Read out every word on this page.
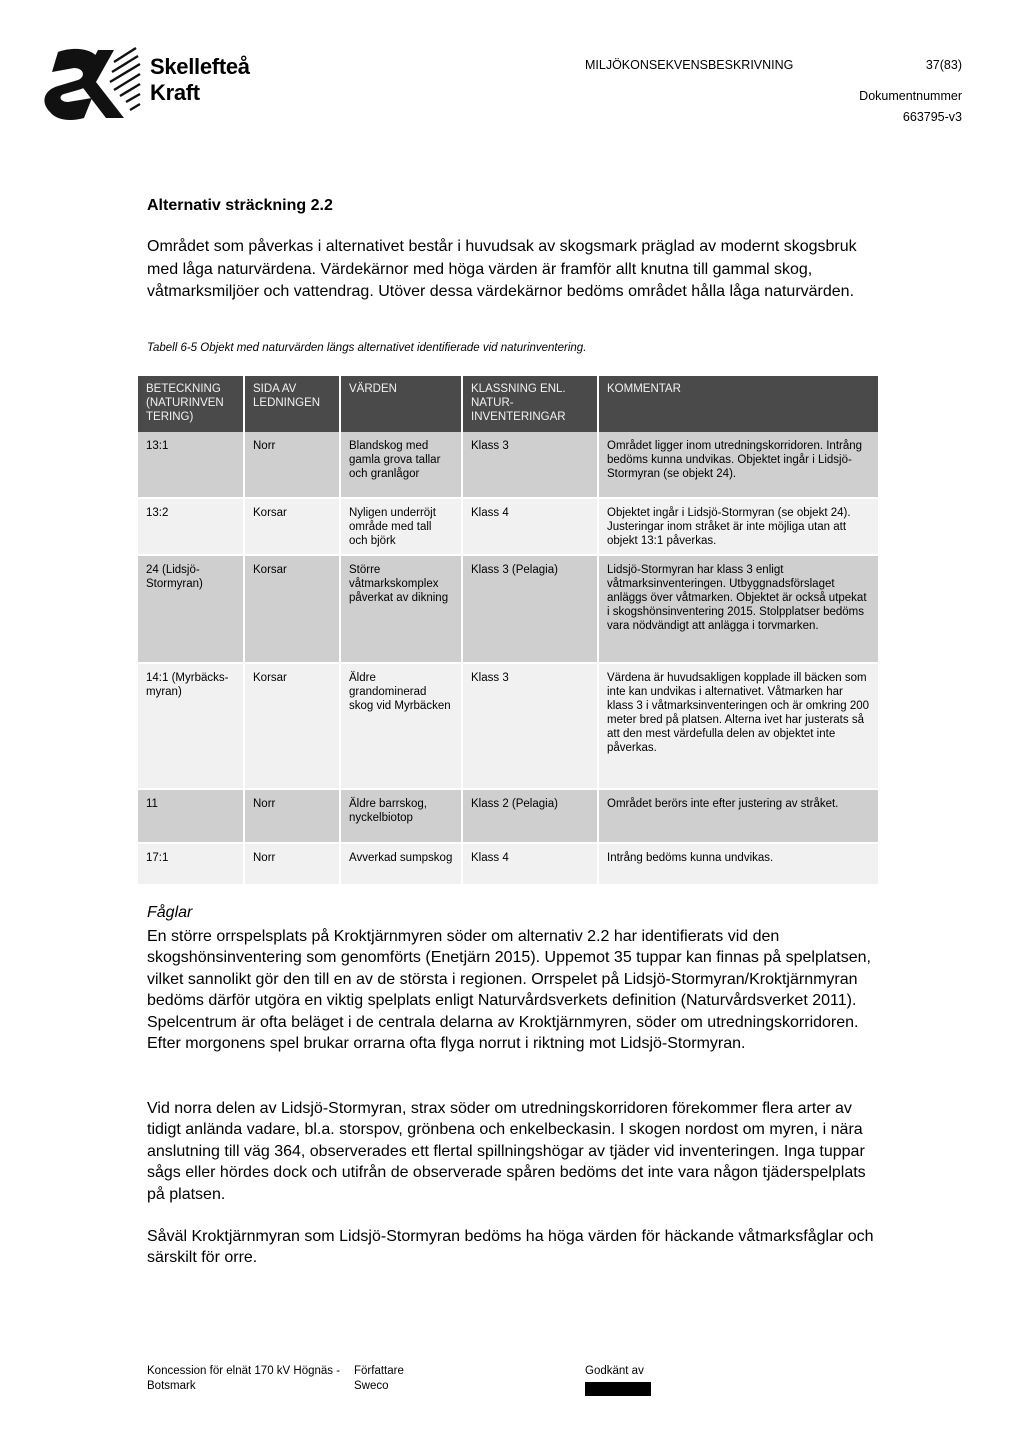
Skellefteå
Kraft
MILJÖKONSEKVENSBESKRIVNING	37(83)
Dokumentnummer
663795-v3
Alternativ sträckning 2.2

Området som påverkas i alternativet består i huvudsak av skogsmark präglad av modernt skogsbruk med låga naturvärdena. Värdekärnor med höga värden är framför allt knutna till gammal skog, våtmarksmiljöer och vattendrag. Utöver dessa värdekärnor bedöms området hålla låga naturvärden.

Tabell 6-5 Objekt med naturvärden längs alternativet identifierade vid naturinventering.
BETECKNING (NATURINVEN TERING)	SIDA AV LEDNINGEN	VÄRDEN	KLASSNING ENL. NATUR-INVENTERINGAR	KOMMENTAR
13:1	Norr	Blandskog med gamla grova tallar och granlågor	Klass 3	Området ligger inom utredningskorridoren. Intrång bedöms kunna undvikas. Objektet ingår i Lidsjö-Stormyran (se objekt 24).
13:2	Korsar	Nyligen underröjt område med tall och björk	Klass 4	Objektet ingår i Lidsjö-Stormyran (se objekt 24). Justeringar inom stråket är inte möjliga utan att objekt 13:1 påverkas.
24 (Lidsjö-Stormyran)	Korsar	Större våtmarkskomplex påverkat av dikning	Klass 3 (Pelagia)	Lidsjö-Stormyran har klass 3 enligt våtmarksinventeringen. Utbyggnadsförslaget anläggs över våtmarken. Objektet är också utpekat i skogshönsinventering 2015. Stolpplatser bedöms vara nödvändigt att anlägga i torvmarken.
14:1 (Myrbäcks-myran)	Korsar	Äldre grandominerad skog vid Myrbäcken	Klass 3	Värdena är huvudsakligen kopplade ill bäcken som inte kan undvikas i alternativet. Våtmarken har klass 3 i våtmarksinventeringen och är omkring 200 meter bred på platsen. Alterna ivet har justerats så att den mest värdefulla delen av objektet inte påverkas.
11	Norr	Äldre barrskog, nyckelbiotop	Klass 2 (Pelagia)	Området berörs inte efter justering av stråket.
17:1	Norr	Avverkad sumpskog	Klass 4	Intrång bedöms kunna undvikas.
Fåglar

En större orrspelsplats på Kroktjärnmyren söder om alternativ 2.2 har identifierats vid den skogshönsinventering som genomförts (Enetjärn 2015). Uppemot 35 tuppar kan finnas på spelplatsen, vilket sannolikt gör den till en av de största i regionen. Orrspelet på Lidsjö-Stormyran/Kroktjärnmyran bedöms därför utgöra en viktig spelplats enligt Naturvårdsverkets definition (Naturvårdsverket 2011). Spelcentrum är ofta beläget i de centrala delarna av Kroktjärnmyren, söder om utredningskorridoren. Efter morgonens spel brukar orrarna ofta flyga norrut i riktning mot Lidsjö-Stormyran.

Vid norra delen av Lidsjö-Stormyran, strax söder om utredningskorridoren förekommer flera arter av tidigt anlända vadare, bl.a. storspov, grönbena och enkelbeckasin. I skogen nordost om myren, i nära anslutning till väg 364, observerades ett flertal spillningshögar av tjäder vid inventeringen. Inga tuppar sågs eller hördes dock och utifrån de observerade spåren bedöms det inte vara någon tjäderspelplats på platsen.

Såväl Kroktjärnmyran som Lidsjö-Stormyran bedöms ha höga värden för häckande våtmarksfåglar och särskilt för orre.

Koncession för elnät 170 kV Högnäs - Botsmark
Författare
Sweco
Godkänt av
